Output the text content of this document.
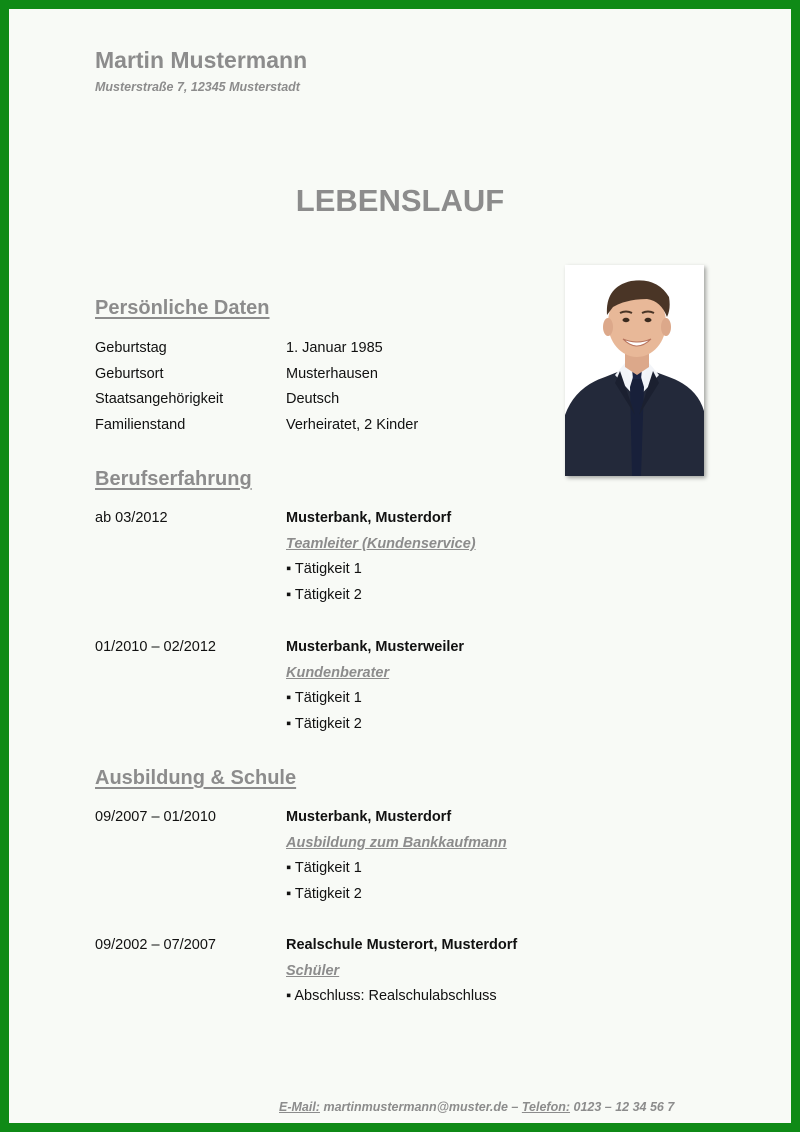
Martin Mustermann
Musterstraße 7, 12345 Musterstadt
LEBENSLAUF
Persönliche Daten
Geburtstag	1. Januar 1985
Geburtsort	Musterhausen
Staatsangehörigkeit	Deutsch
Familienstand	Verheiratet, 2 Kinder
Berufserfahrung
ab 03/2012	Musterbank, Musterdorf
Teamleiter (Kundenservice)
▪ Tätigkeit 1
▪ Tätigkeit 2
01/2010 – 02/2012	Musterbank, Musterweiler
Kundenberater
▪ Tätigkeit 1
▪ Tätigkeit 2
Ausbildung & Schule
09/2007 – 01/2010	Musterbank, Musterdorf
Ausbildung zum Bankkaufmann
▪ Tätigkeit 1
▪ Tätigkeit 2
09/2002 – 07/2007	Realschule Musterort, Musterdorf
Schüler
▪ Abschluss: Realschulabschluss
E-Mail: martinmustermann@muster.de – Telefon: 0123 – 12 34 56 7
